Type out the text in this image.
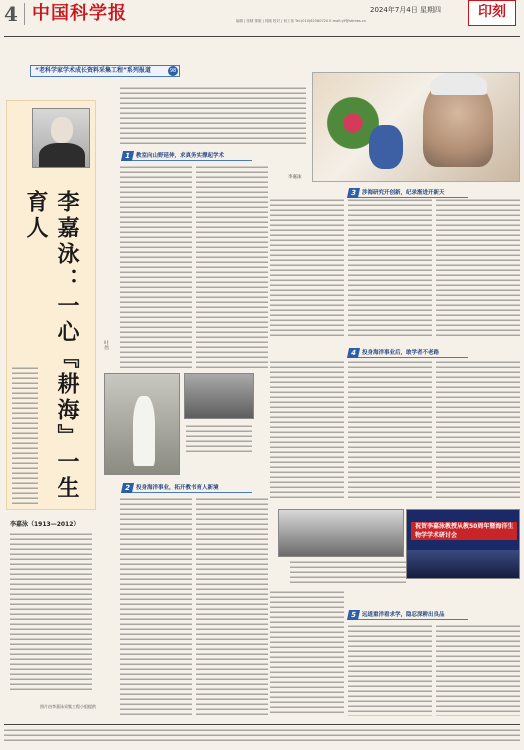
4 中国科学报	2024年7月4日 星期四	印刻
编辑 | 张晴 排版 | 郭刚 校对 | 何工伟 Tel:(010)62580720 E-mail:ylf@stimes.cn
“老科学家学术成长资料采集工程”系列报道	98
李嘉泳：一心『耕海』一生育人
叶伟
李嘉泳（1913—2012）
图片由李嘉泳采集工程小组提供
李嘉泳
1 教室向山野延伸，求真务实撑起学术
2 投身海洋事业，拓开教书育人新境
3 涉海研究开创新，纪录渐进开新天
4 投身海洋事业后，敢学者不老路
5 远道重洋看求学，隐忍深耕出良品
祝贺李嘉泳教授从教50周年暨海洋生物学学术研讨会
